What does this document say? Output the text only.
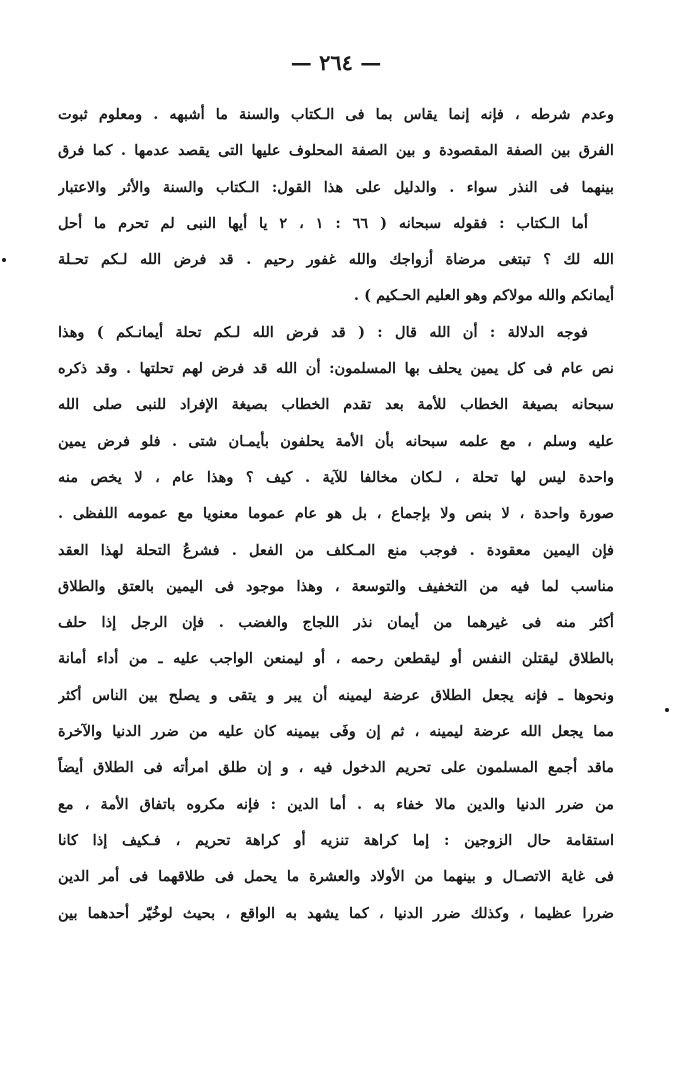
— ٢٦٤ —
وعدم شرطه ، فإنه إنما يقاس بما فى الـكتاب والسنة ما أشبهه . ومعلوم ثبوت
الفرق بين الصفة المقصودة و بين الصفة المحلوف عليها التى يقصد عدمها . كما فرق
بينهما فى النذر سواء . والدليل على هذا القول: الـكتاب والسنة والأثر والاعتبار
أما الـكتاب : فقوله سبحانه ( ٦٦ : ١ ، ٢ يا أيها النبى لم تحرم ما أحل
الله لك ؟ تبتغى مرضاة أزواجك والله غفور رحيم . قد فرض الله لـكم تحـلة
أيمانكم والله مولاكم وهو العليم الحـكيم ) .
فوجه الدلالة : أن الله قال : ( قد فرض الله لـكم تحلة أيمانـكم ) وهذا
نص عام فى كل يمين يحلف بها المسلمون: أن الله قد فرض لهم تحلتها . وقد ذكره
سبحانه بصيغة الخطاب للأمة بعد تقدم الخطاب بصيغة الإفراد للنبى صلى الله
عليه وسلم ، مع علمه سبحانه بأن الأمة يحلفون بأيمـان شتى . فلو فرض يمين
واحدة ليس لها تحلة ، لـكان مخالفا للآية . كيف ؟ وهذا عام ، لا يخص منه
صورة واحدة ، لا بنص ولا بإجماع ، بل هو عام عموما معنويا مع عمومه اللفظى .
فإن اليمين معقودة . فوجب منع المـكلف من الفعل . فشرعُ التحلة لهذا العقد
مناسب لما فيه من التخفيف والتوسعة ، وهذا موجود فى اليمين بالعتق والطلاق
أكثر منه فى غيرهما من أيمان نذر اللجاج والغضب . فإن الرجل إذا حلف
بالطلاق ليقتلن النفس أو ليقطعن رحمه ، أو ليمنعن الواجب عليه ـ من أداء أمانة
ونحوها ـ فإنه يجعل الطلاق عرضة ليمينه أن يبر و يتقى و يصلح بين الناس أكثر
مما يجعل الله عرضة ليمينه ، ثم إن وفَى بيمينه كان عليه من ضرر الدنيا والآخرة
ماقد أجمع المسلمون على تحريم الدخول فيه ، و إن طلق امرأته فى الطلاق أيضاً
من ضرر الدنيا والدين مالا خفاء به . أما الدين : فإنه مكروه باتفاق الأمة ، مع
استقامة حال الزوجين : إما كراهة تنزيه أو كراهة تحريم ، فـكيف إذا كانا
فى غاية الاتصـال و بينهما من الأولاد والعشرة ما يحمل فى طلاقهما فى أمر الدين
ضررا عظيما ، وكذلك ضرر الدنيا ، كما يشهد به الواقع ، بحيث لوخُيّر أحدهما بين
